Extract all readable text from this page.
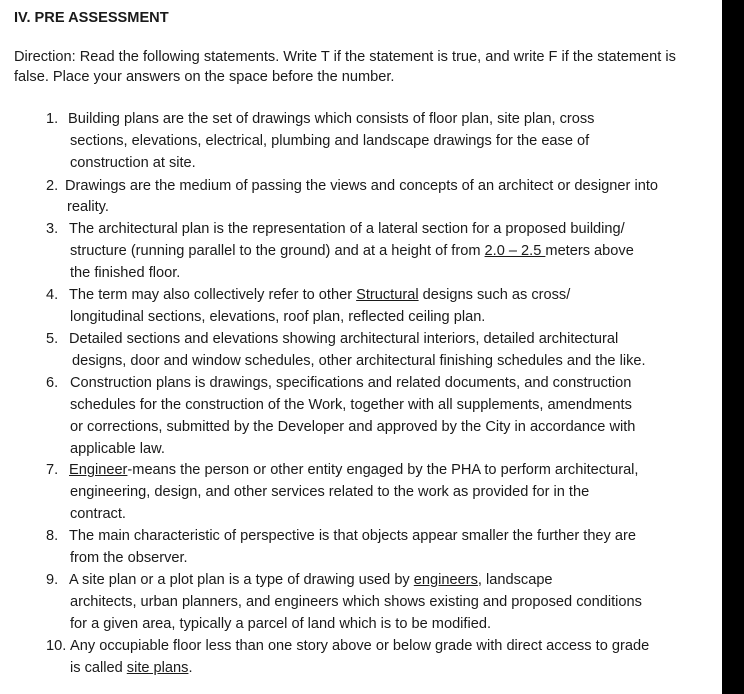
IV. PRE ASSESSMENT
Direction: Read the following statements. Write T if the statement is true, and write F if the statement is
false. Place your answers on the space before the number.
1. Building plans are the set of drawings which consists of floor plan, site plan, cross
sections, elevations, electrical, plumbing and landscape drawings for the ease of
construction at site.
2. Drawings are the medium of passing the views and concepts of an architect or designer into
reality.
3. The architectural plan is the representation of a lateral section for a proposed building/
structure (running parallel to the ground) and at a height of from 2.0 – 2.5 meters above
the finished floor.
4. The term may also collectively refer to other Structural designs such as cross/
longitudinal sections, elevations, roof plan, reflected ceiling plan.
5. Detailed sections and elevations showing architectural interiors, detailed architectural
designs, door and window schedules, other architectural finishing schedules and the like.
6. Construction plans is drawings, specifications and related documents, and construction
schedules for the construction of the Work, together with all supplements, amendments
or corrections, submitted by the Developer and approved by the City in accordance with
applicable law.
7. Engineer-means the person or other entity engaged by the PHA to perform architectural,
engineering, design, and other services related to the work as provided for in the
contract.
8. The main characteristic of perspective is that objects appear smaller the further they are
from the observer.
9. A site plan or a plot plan is a type of drawing used by engineers, landscape
architects, urban planners, and engineers which shows existing and proposed conditions
for a given area, typically a parcel of land which is to be modified.
10. Any occupiable floor less than one story above or below grade with direct access to grade
is called site plans.
